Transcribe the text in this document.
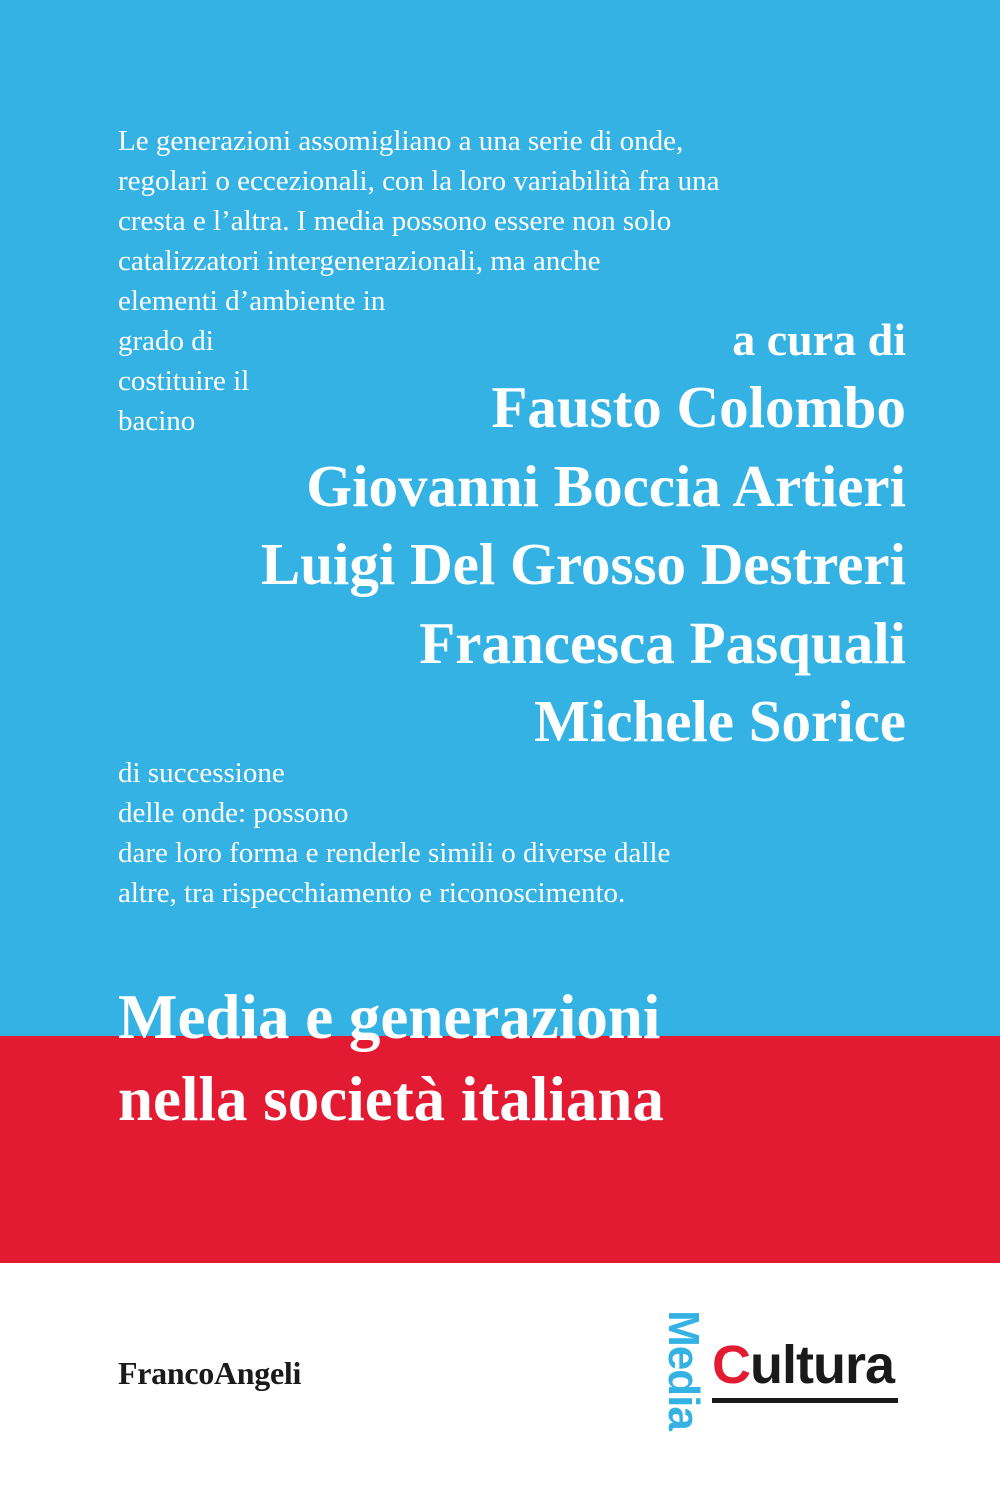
Le generazioni assomigliano a una serie di onde,
regolari o eccezionali, con la loro variabilità fra una
cresta e l’altra. I media possono essere non solo
catalizzatori intergenerazionali, ma anche
elementi d’ambiente in
grado di
costituire il
bacino

a cura di
Fausto Colombo
Giovanni Boccia Artieri
Luigi Del Grosso Destreri
Francesca Pasquali
Michele Sorice

di successione
delle onde: possono
dare loro forma e renderle simili o diverse dalle
altre, tra rispecchiamento e riconoscimento.

Media e generazioni
nella società italiana
FrancoAngeli	Media Cultura
